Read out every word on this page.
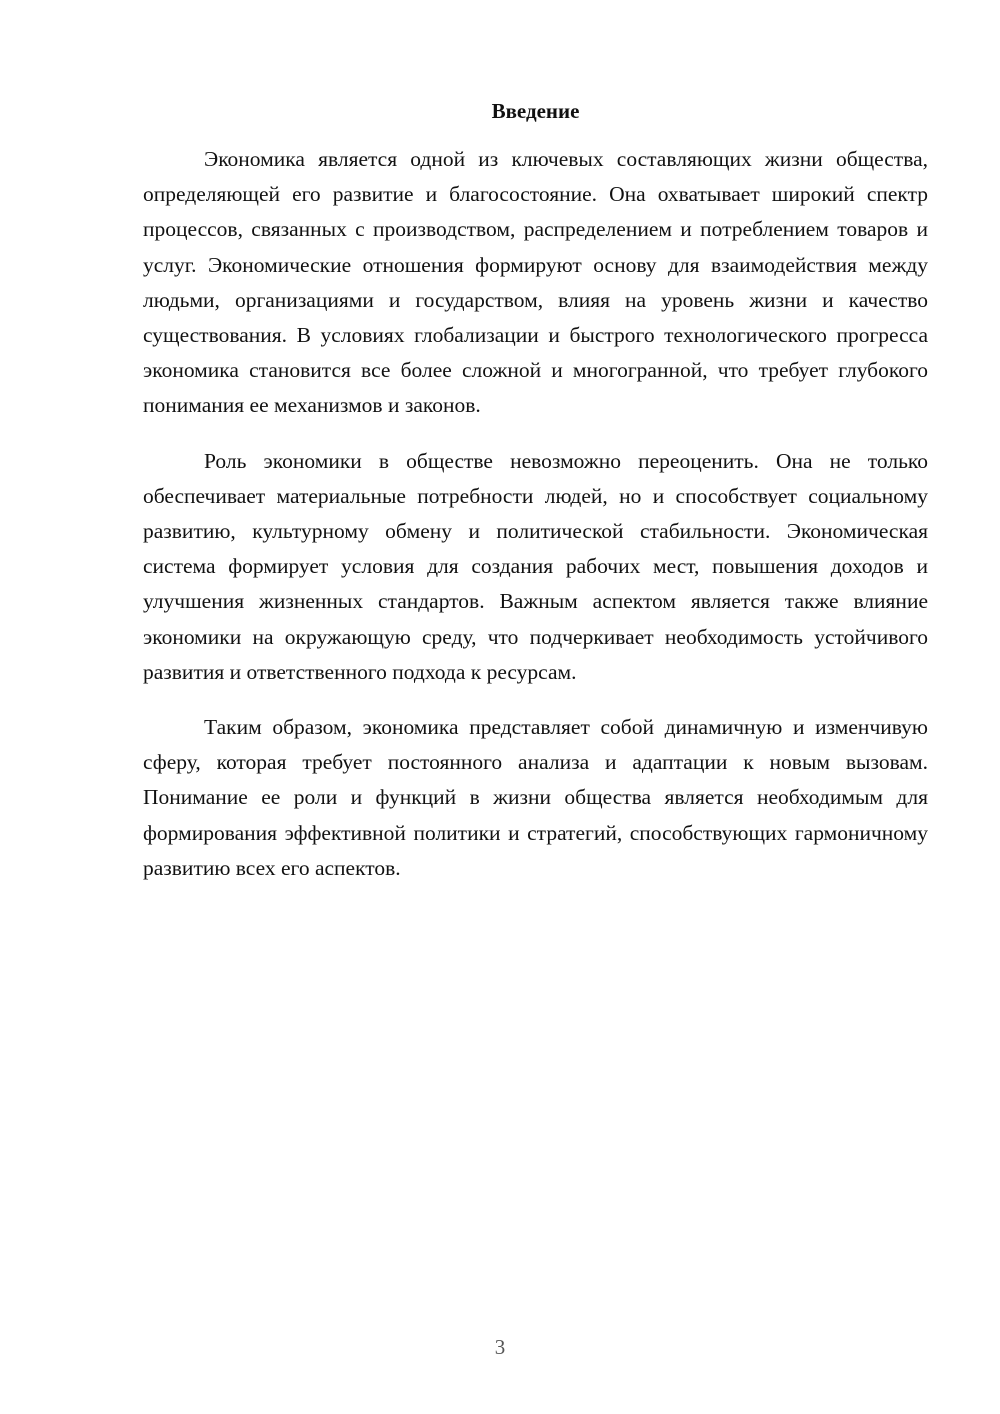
Введение

Экономика является одной из ключевых составляющих жизни общества, определяющей его развитие и благосостояние. Она охватывает широкий спектр процессов, связанных с производством, распределением и потреблением товаров и услуг. Экономические отношения формируют основу для взаимодействия между людьми, организациями и государством, влияя на уровень жизни и качество существования. В условиях глобализации и быстрого технологического прогресса экономика становится все более сложной и многогранной, что требует глубокого понимания ее механизмов и законов.

Роль экономики в обществе невозможно переоценить. Она не только обеспечивает материальные потребности людей, но и способствует социальному развитию, культурному обмену и политической стабильности. Экономическая система формирует условия для создания рабочих мест, повышения доходов и улучшения жизненных стандартов. Важным аспектом является также влияние экономики на окружающую среду, что подчеркивает необходимость устойчивого развития и ответственного подхода к ресурсам.

Таким образом, экономика представляет собой динамичную и изменчивую сферу, которая требует постоянного анализа и адаптации к новым вызовам. Понимание ее роли и функций в жизни общества является необходимым для формирования эффективной политики и стратегий, способствующих гармоничному развитию всех его аспектов.

3
